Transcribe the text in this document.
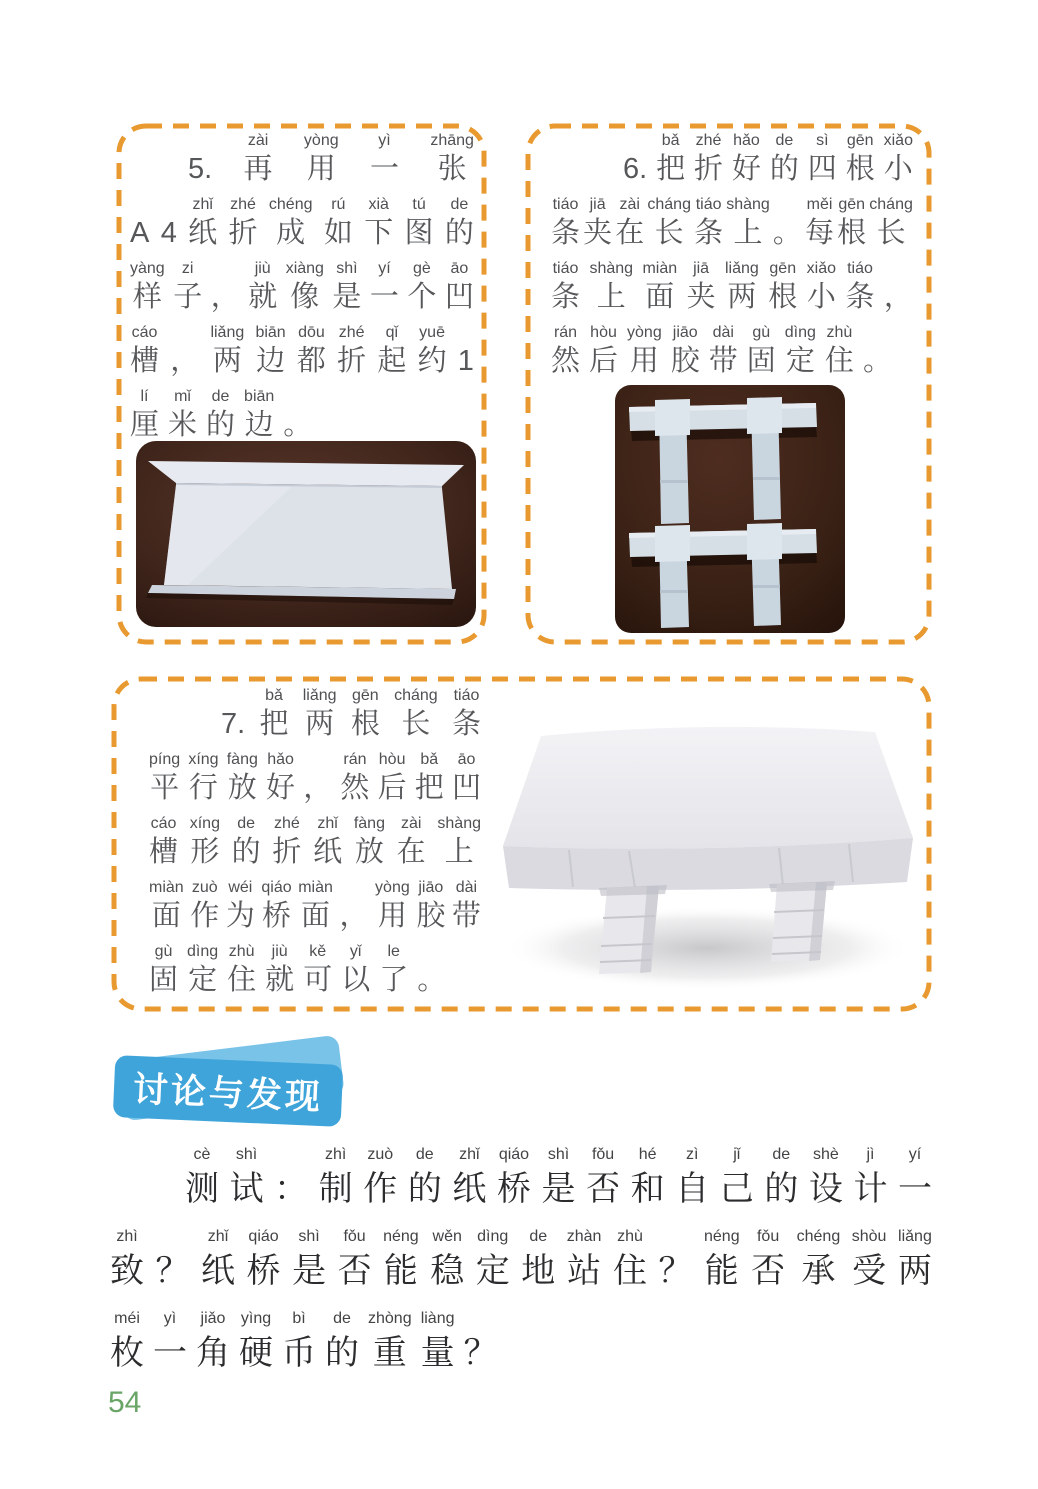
5.
zài
再
yòng
用
yì
一
zhāng
张

A
4
zhǐ
纸
zhé
折
chéng
成
rú
如
xià
下
tú
图
de
的
yàng
样
zi
子
，
jiù
就
xiàng
像
shì
是
yí
一
gè
个
āo
凹
cáo
槽
，
liǎng
两
biān
边
dōu
都
zhé
折
qǐ
起
yuē
约
1
lí
厘
mǐ
米
de
的
biān
边
。

6.
bǎ
把
zhé
折
hǎo
好
de
的
sì
四
gēn
根
xiǎo
小
tiáo
条
jiā
夹
zài
在
cháng
长
tiáo
条
shàng
上
。
měi
每
gēn
根
cháng
长
tiáo
条
shàng
上
miàn
面
jiā
夹
liǎng
两
gēn
根
xiǎo
小
tiáo
条
，
rán
然
hòu
后
yòng
用
jiāo
胶
dài
带
gù
固
dìng
定
zhù
住
。

7.
bǎ
把
liǎng
两
gēn
根
cháng
长
tiáo
条
píng
平
xíng
行
fàng
放
hǎo
好
，
rán
然
hòu
后
bǎ
把
āo
凹
cáo
槽
xíng
形
de
的
zhé
折
zhǐ
纸
fàng
放
zài
在
shàng
上
miàn
面
zuò
作
wéi
为
qiáo
桥
miàn
面
，
yòng
用
jiāo
胶
dài
带
gù
固
dìng
定
zhù
住
jiù
就
kě
可
yǐ
以
le
了
。
讨论与发现
cè
测
shì
试
：
zhì
制
zuò
作
de
的
zhǐ
纸
qiáo
桥
shì
是
fǒu
否
hé
和
zì
自
jǐ
己
de
的
shè
设
jì
计
yí
一
zhì
致
？
zhǐ
纸
qiáo
桥
shì
是
fǒu
否
néng
能
wěn
稳
dìng
定
de
地
zhàn
站
zhù
住
？
néng
能
fǒu
否
chéng
承
shòu
受
liǎng
两
méi
枚
yì
一
jiǎo
角
yìng
硬
bì
币
de
的
zhòng
重
liàng
量
？
54
